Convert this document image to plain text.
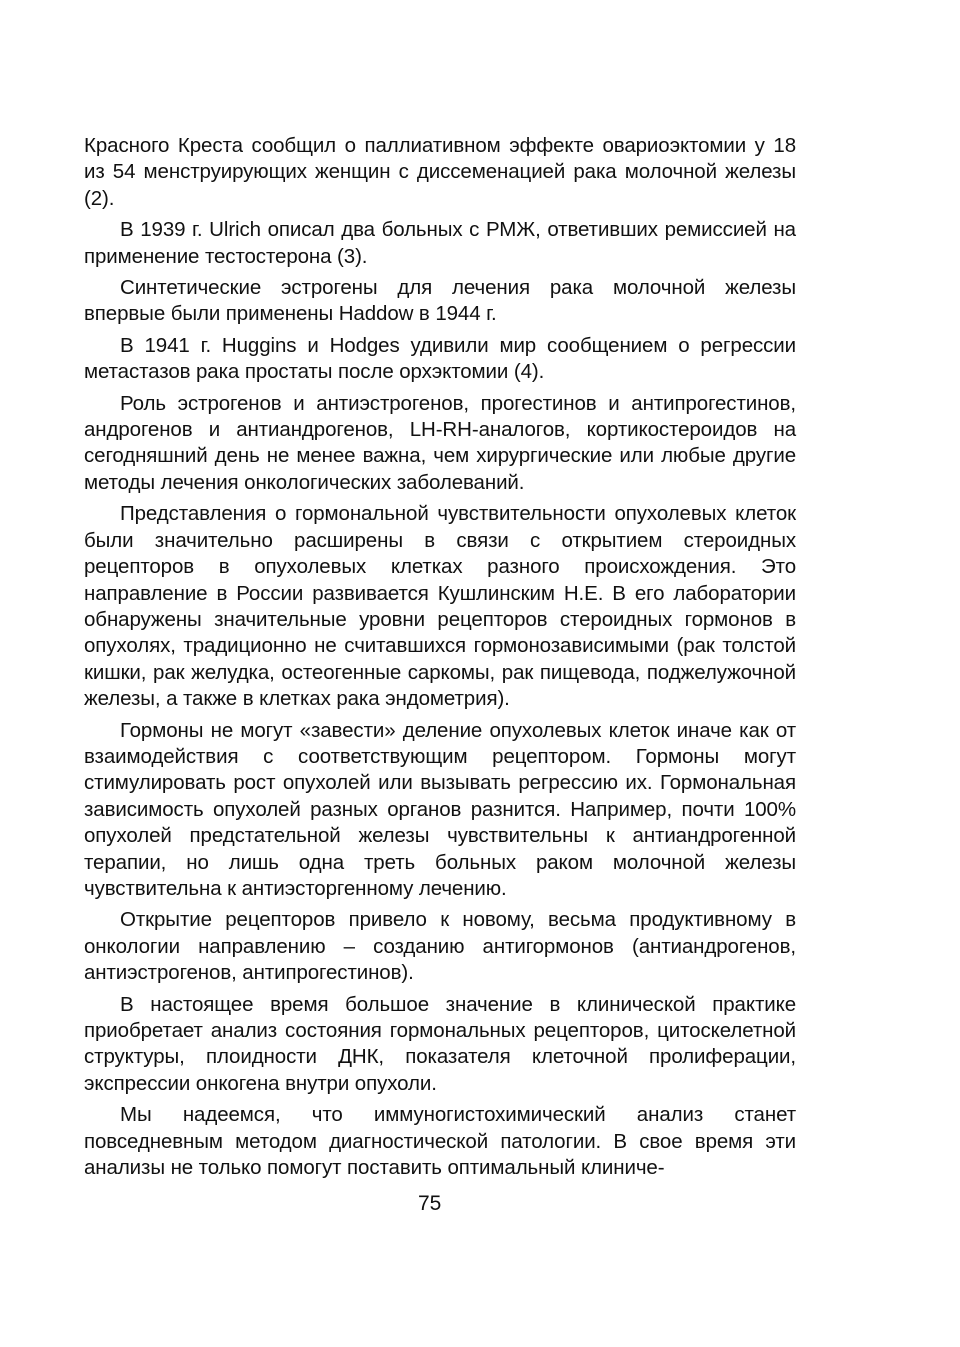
Красного Креста сообщил о паллиативном эффекте овариоэктомии у 18 из 54 менструирующих женщин с диссеменацией рака молочной железы (2).

В 1939 г. Ulrich описал два больных с РМЖ, ответивших ремиссией на применение тестостерона (3).

Синтетические эстрогены для лечения рака молочной железы впервые были применены Haddow в 1944 г.

В 1941 г. Huggins и Hodges удивили мир сообщением о регрессии метастазов рака простаты после орхэктомии (4).

Роль эстрогенов и антиэстрогенов, прогестинов и антипрогестинов, андрогенов и антиандрогенов, LH-RH-аналогов, кортикостероидов на сегодняшний день не менее важна, чем хирургические или любые другие методы лечения онкологических заболеваний.

Представления о гормональной чувствительности опухолевых клеток были значительно расширены в связи с открытием стероидных рецепторов в опухолевых клетках разного происхождения. Это направление в России развивается Кушлинским Н.Е. В его лаборатории обнаружены значительные уровни рецепторов стероидных гормонов в опухолях, традиционно не считавшихся гормонозависимыми (рак толстой кишки, рак желудка, остеогенные саркомы, рак пищевода, поджелужочной железы, а также в клетках рака эндометрия).

Гормоны не могут «завести» деление опухолевых клеток иначе как от взаимодействия с соответствующим рецептором. Гормоны могут стимулировать рост опухолей или вызывать регрессию их. Гормональная зависимость опухолей разных органов разнится. Например, почти 100% опухолей предстательной железы чувствительны к антиандрогенной терапии, но лишь одна треть больных раком молочной железы чувствительна к антиэсторгенному лечению.

Открытие рецепторов привело к новому, весьма продуктивному в онкологии направлению – созданию антигормонов (антиандрогенов, антиэстрогенов, антипрогестинов).

В настоящее время большое значение в клинической практике приобретает анализ состояния гормональных рецепторов, цитоскелетной структуры, плоидности ДНК, показателя клеточной пролиферации, экспрессии онкогена внутри опухоли.

Мы надеемся, что иммуногистохимический анализ станет повседневным методом диагностической патологии. В свое время эти анализы не только помогут поставить оптимальный клиниче-

75
